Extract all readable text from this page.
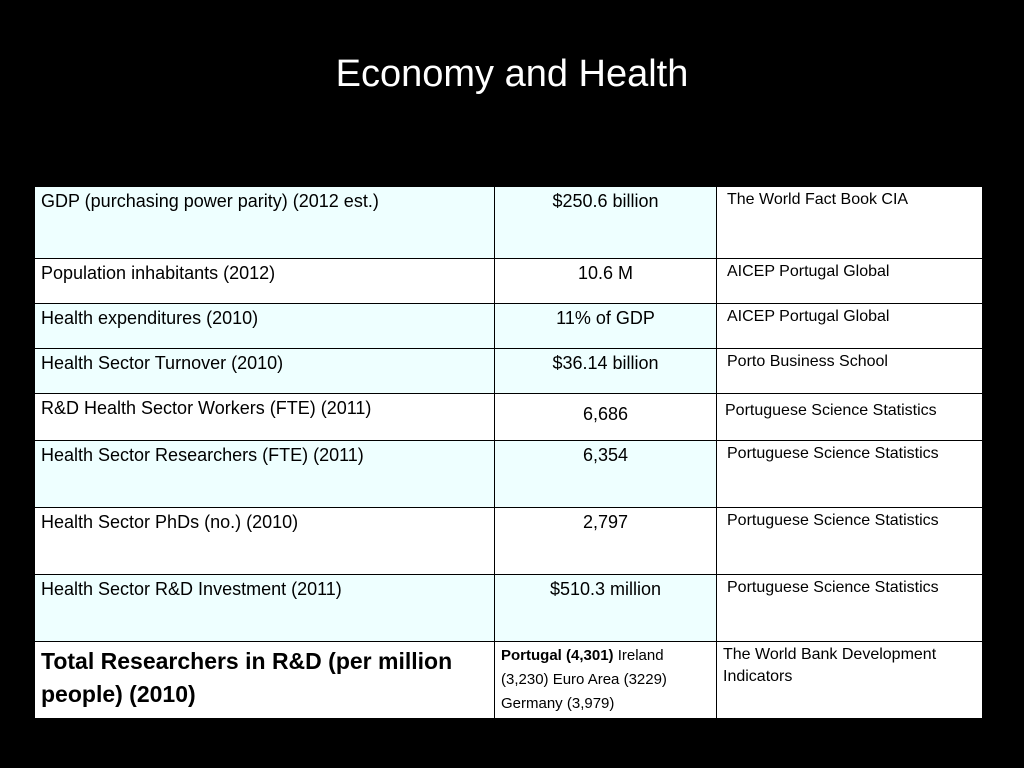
Economy and Health
GDP (purchasing power parity) (2012 est.)	$250.6 billion	The World Fact Book CIA
Population inhabitants (2012)	10.6 M	AICEP Portugal Global
Health expenditures (2010)	11% of GDP	AICEP Portugal Global
Health Sector Turnover (2010)	$36.14 billion	Porto Business School
R&D Health Sector Workers (FTE) (2011)	6,686	Portuguese Science Statistics
Health Sector Researchers (FTE) (2011)	6,354	Portuguese Science Statistics
Health Sector PhDs (no.) (2010)	2,797	Portuguese Science Statistics
Health Sector R&D Investment (2011)	$510.3 million	Portuguese Science Statistics
Total Researchers in R&D (per million people) (2010)	Portugal (4,301) Ireland (3,230) Euro Area (3229) Germany (3,979)	The World Bank Development Indicators
